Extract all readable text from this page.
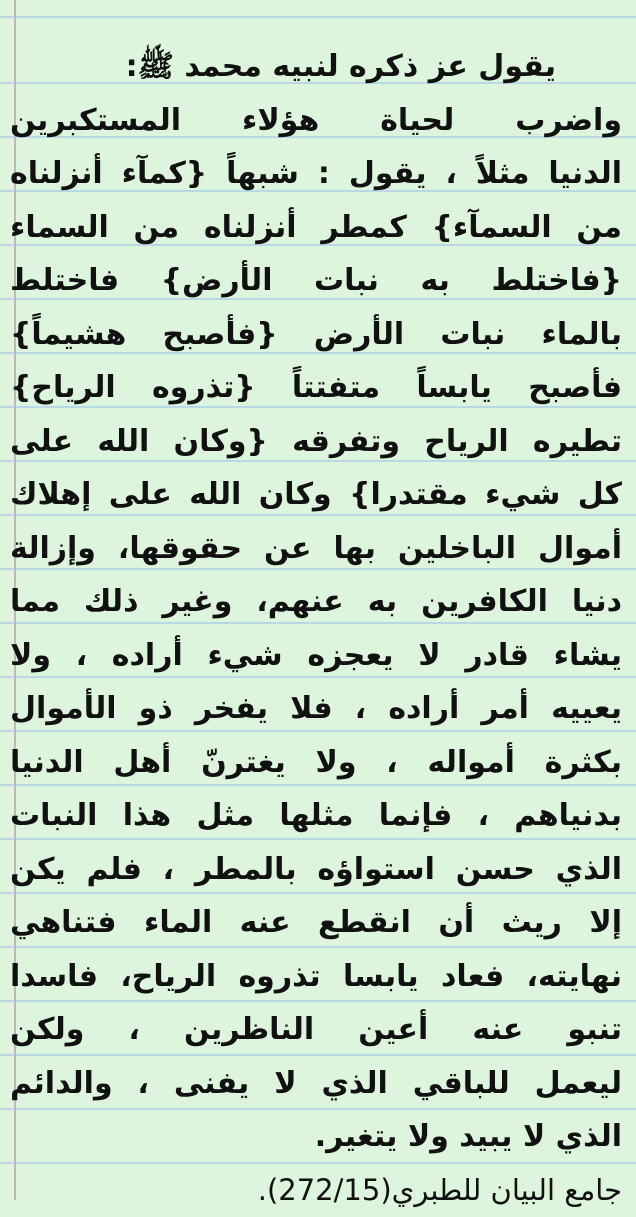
يقول عز ذكره لنبيه محمد ﷺ:
واضرب لحياة هؤلاء المستكبرين
الدنيا مثلاً ، يقول : شبهاً {كمآء أنزلناه
من السمآء} كمطر أنزلناه من السماء
{فاختلط به نبات الأرض} فاختلط
بالماء نبات الأرض {فأصبح هشيماً}
فأصبح يابساً متفتتاً {تذروه الرياح}
تطيره الرياح وتفرقه {وكان الله على
كل شيء مقتدرا} وكان الله على إهلاك
أموال الباخلين بها عن حقوقها، وإزالة
دنيا الكافرين به عنهم، وغير ذلك مما
يشاء قادر لا يعجزه شيء أراده ، ولا
يعييه أمر أراده ، فلا يفخر ذو الأموال
بكثرة أمواله ، ولا يغترنّ أهل الدنيا
بدنياهم ، فإنما مثلها مثل هذا النبات
الذي حسن استواؤه بالمطر ، فلم يكن
إلا ريث أن انقطع عنه الماء فتناهي
نهايته، فعاد يابسا تذروه الرياح، فاسدا
تنبو عنه أعين الناظرين ، ولكن
ليعمل للباقي الذي لا يفنى ، والدائم
الذي لا يبيد ولا يتغير.
جامع البيان للطبري(272/15).
